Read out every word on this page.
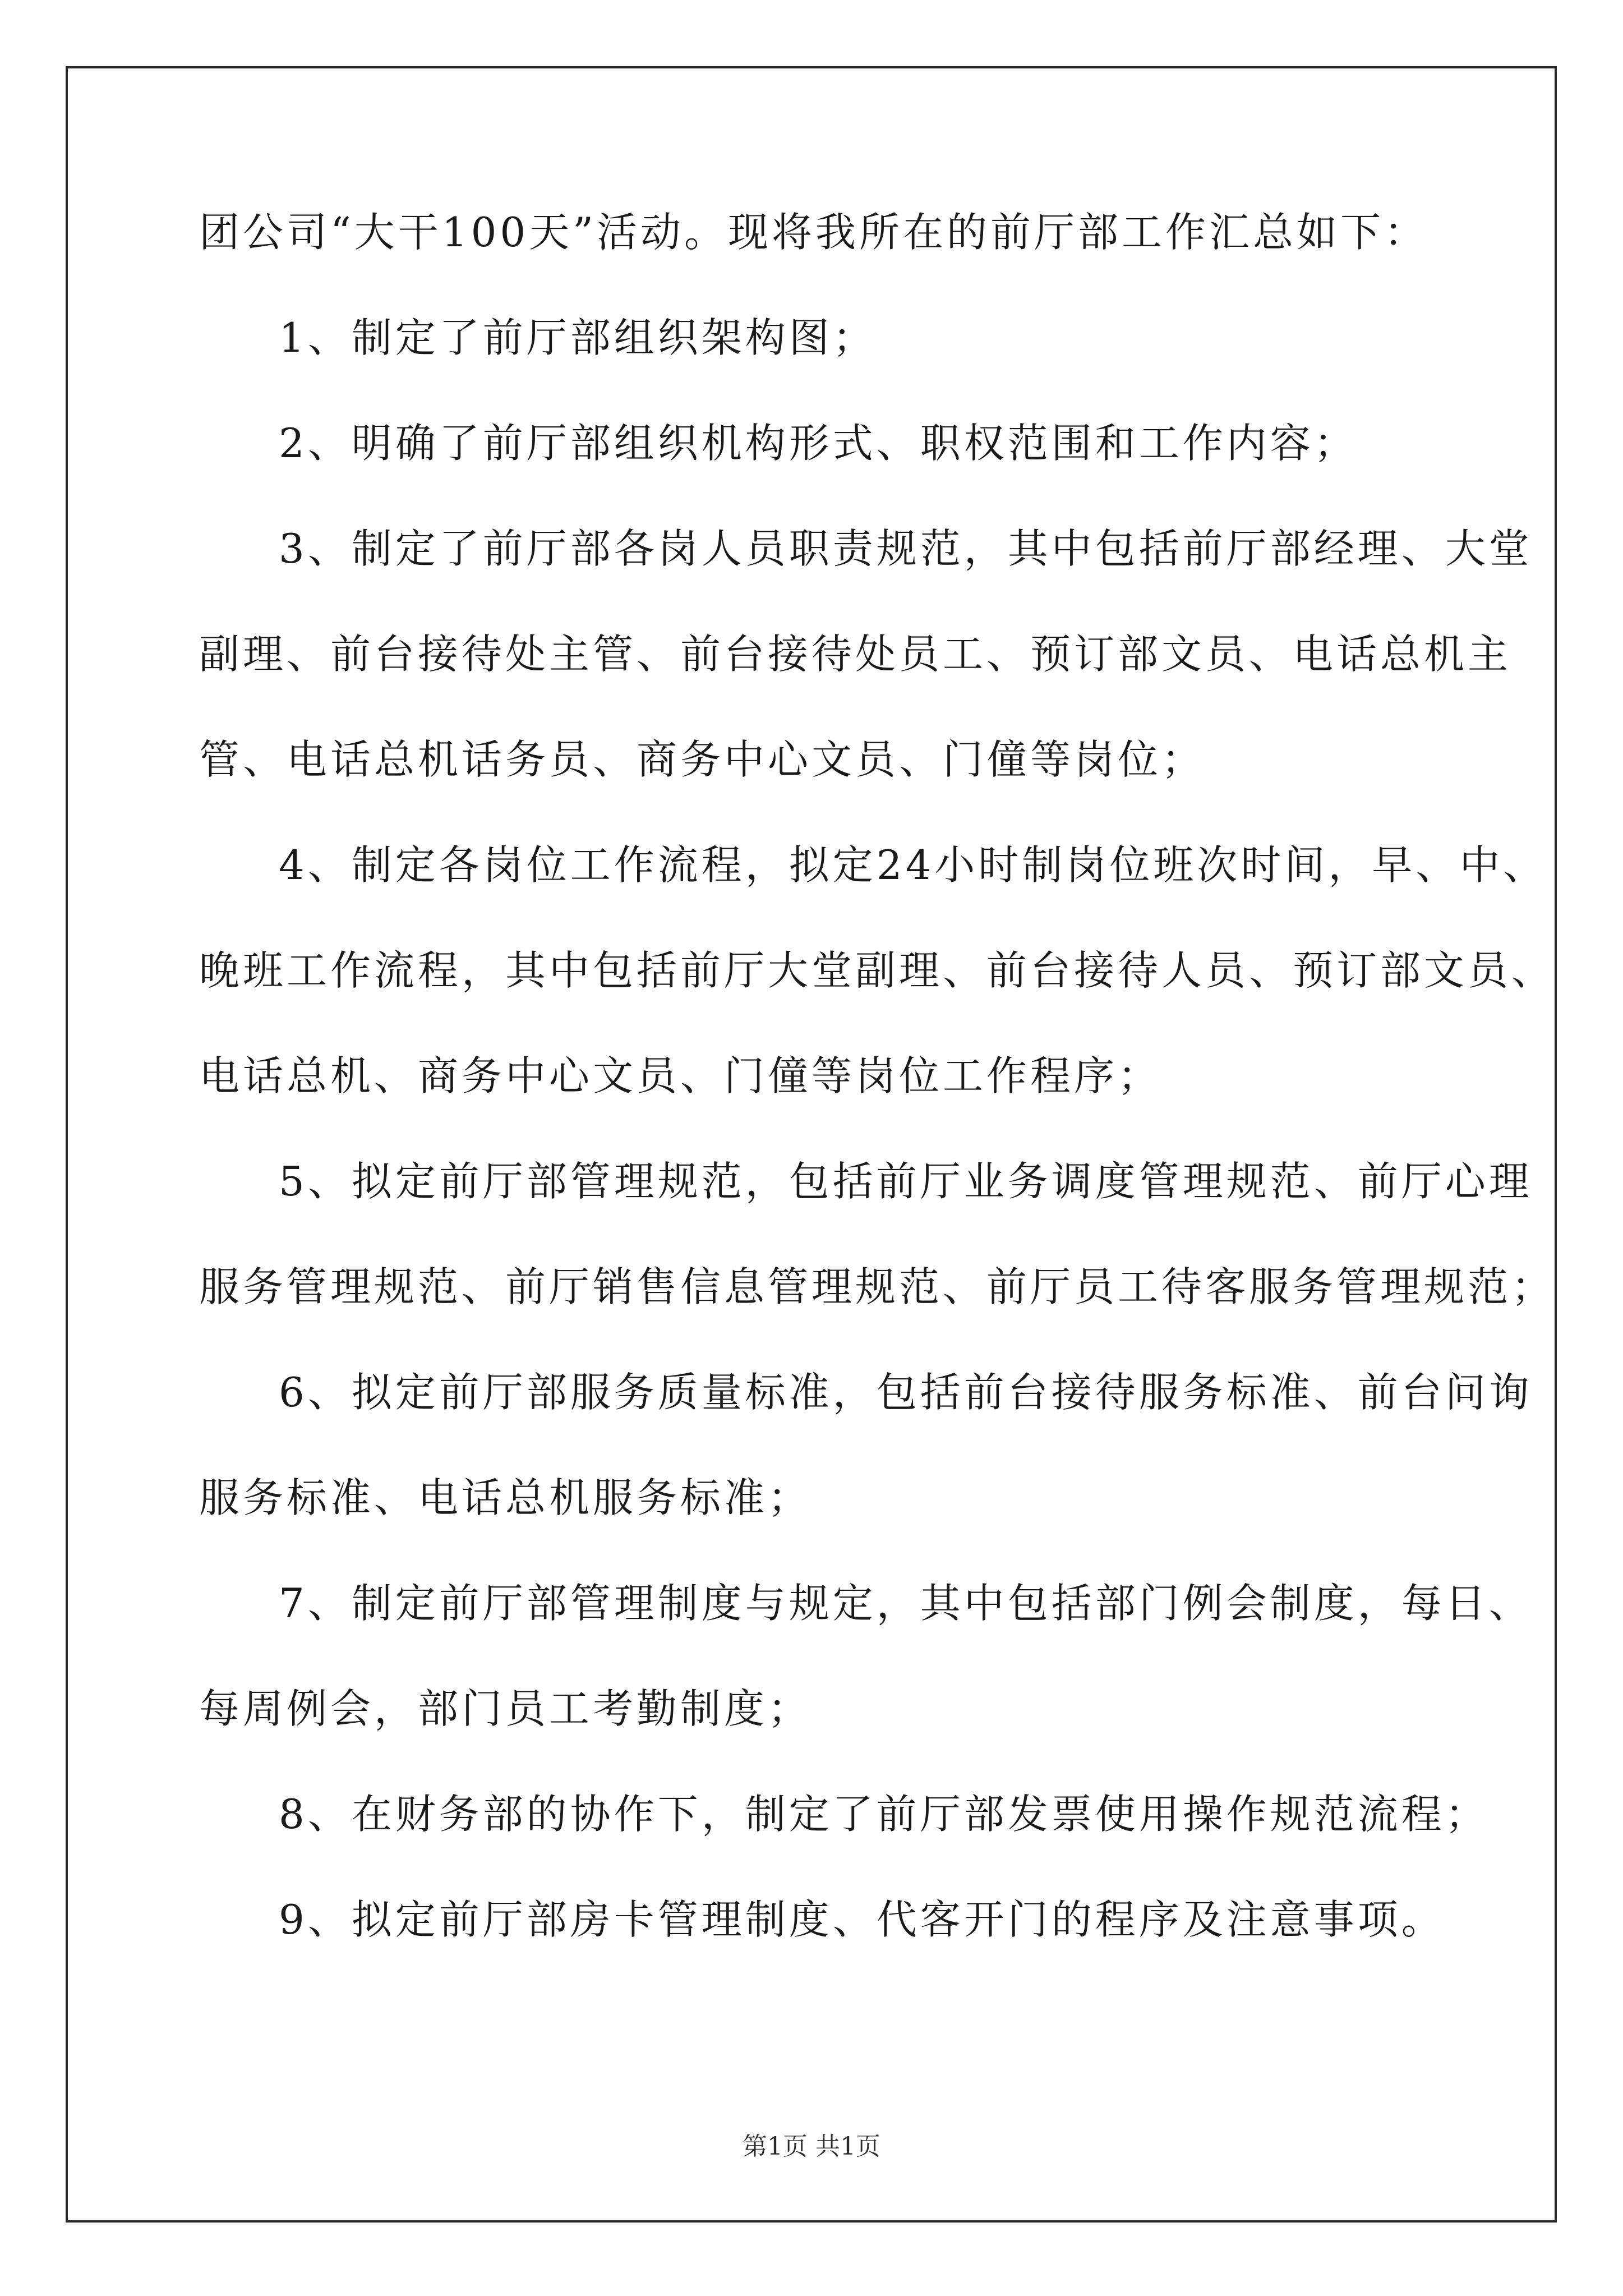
团公司“大干100天”活动。现将我所在的前厅部工作汇总如下：
1、制定了前厅部组织架构图；
2、明确了前厅部组织机构形式、职权范围和工作内容；
3、制定了前厅部各岗人员职责规范，其中包括前厅部经理、大堂
副理、前台接待处主管、前台接待处员工、预订部文员、电话总机主
管、电话总机话务员、商务中心文员、门僮等岗位；
4、制定各岗位工作流程，拟定24小时制岗位班次时间，早、中、
晚班工作流程，其中包括前厅大堂副理、前台接待人员、预订部文员、
电话总机、商务中心文员、门僮等岗位工作程序；
5、拟定前厅部管理规范，包括前厅业务调度管理规范、前厅心理
服务管理规范、前厅销售信息管理规范、前厅员工待客服务管理规范；
6、拟定前厅部服务质量标准，包括前台接待服务标准、前台问询
服务标准、电话总机服务标准；
7、制定前厅部管理制度与规定，其中包括部门例会制度，每日、
每周例会，部门员工考勤制度；
8、在财务部的协作下，制定了前厅部发票使用操作规范流程；
9、拟定前厅部房卡管理制度、代客开门的程序及注意事项。
第1页 共1页
